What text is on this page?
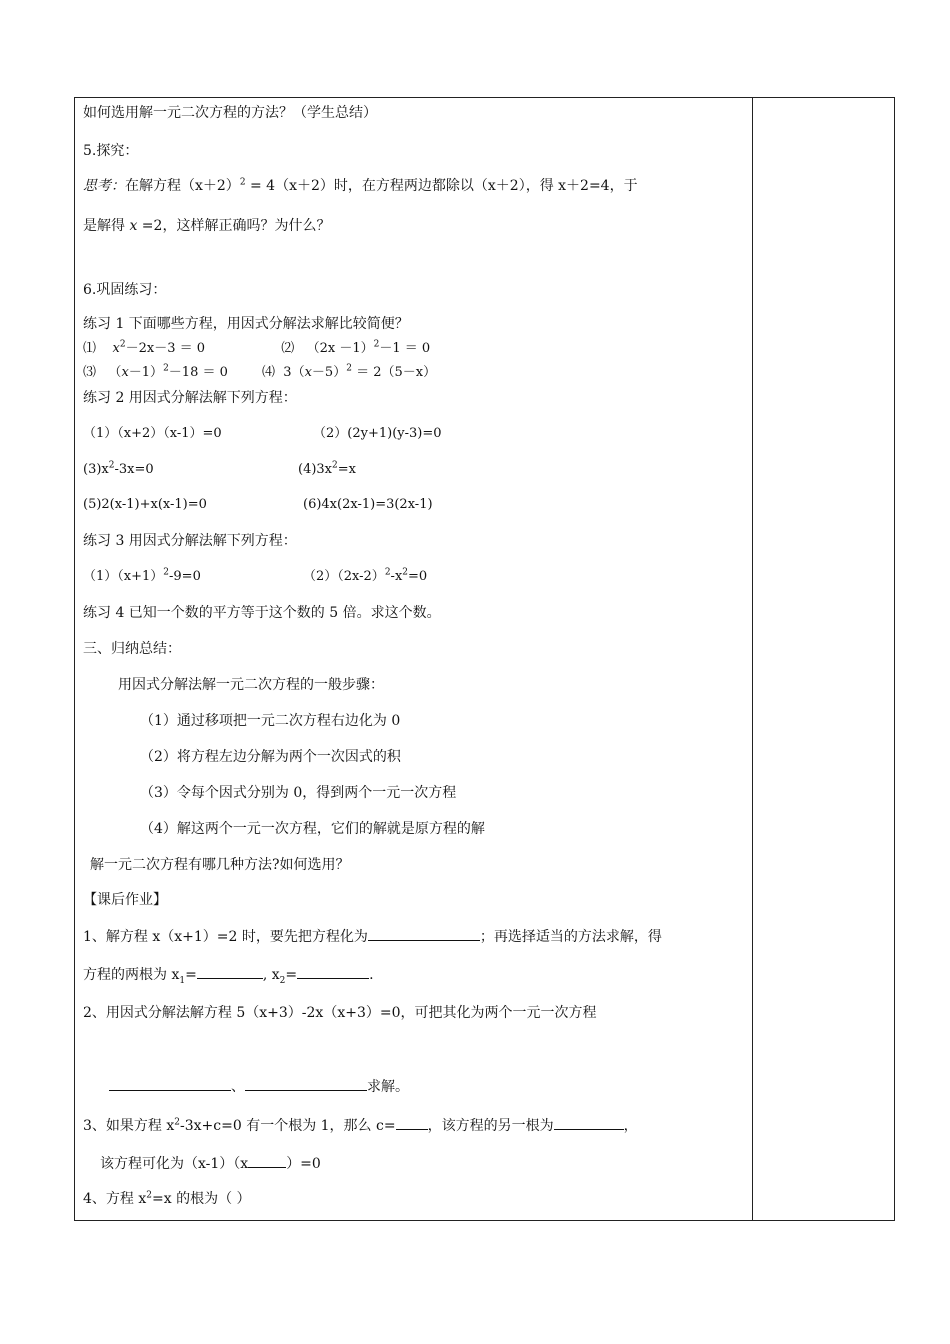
如何选用解一元二次方程的方法？（学生总结）
5.探究：
思考：在解方程$(x+2)^2 = 4(x+2)$时，在方程两边都除以（x＋2），得 x＋2=4，于
是解得 x =2，这样解正确吗？为什么？
6.巩固练习：
练习 1 下面哪些方程，用因式分解法求解比较简便？
⑴ $x^2-2x-3 = 0$	⑵ $(2x -1)^2-1 = 0$
⑶ $(x-1)^2-18 = 0$	⑷ $3(x-5)^2 = 2(5-x)$
练习 2 用因式分解法解下列方程：
（1）（x+2）（x-1）=0	（2）(2y+1)(y-3)=0
$(3)x^2-3x=0$	$(4)3x^2=x$
(5)2(x-1)+x(x-1)=0	(6)4x(2x-1)=3(2x-1)
练习 3 用因式分解法解下列方程：
$(1)(x+1)^2-9=0$	$(2)(2x-2)^2-x^2=0$
练习 4 已知一个数的平方等于这个数的 5 倍。求这个数。
三、归纳总结：
用因式分解法解一元二次方程的一般步骤：
（1）通过移项把一元二次方程右边化为 0
（2）将方程左边分解为两个一次因式的积
（3）令每个因式分别为 0，得到两个一元一次方程
（4）解这两个一元一次方程，它们的解就是原方程的解
解一元二次方程有哪几种方法?如何选用？
【课后作业】
1、解方程 x（x+1）=2 时，要先把方程化为	；再选择适当的方法求解，得
方程的两根为 $x_1=$	, $x_2=$	.
2、用因式分解法解方程 5（x+3）-2x（x+3）=0，可把其化为两个一元一次方程
、	求解。
3、如果方程 $x^2-3x+c=0$ 有一个根为 1，那么 c= ，该方程的另一根为	，
该方程可化为（x-1）（x	）=0
4、方程 $x^2=x$ 的根为（ ）
